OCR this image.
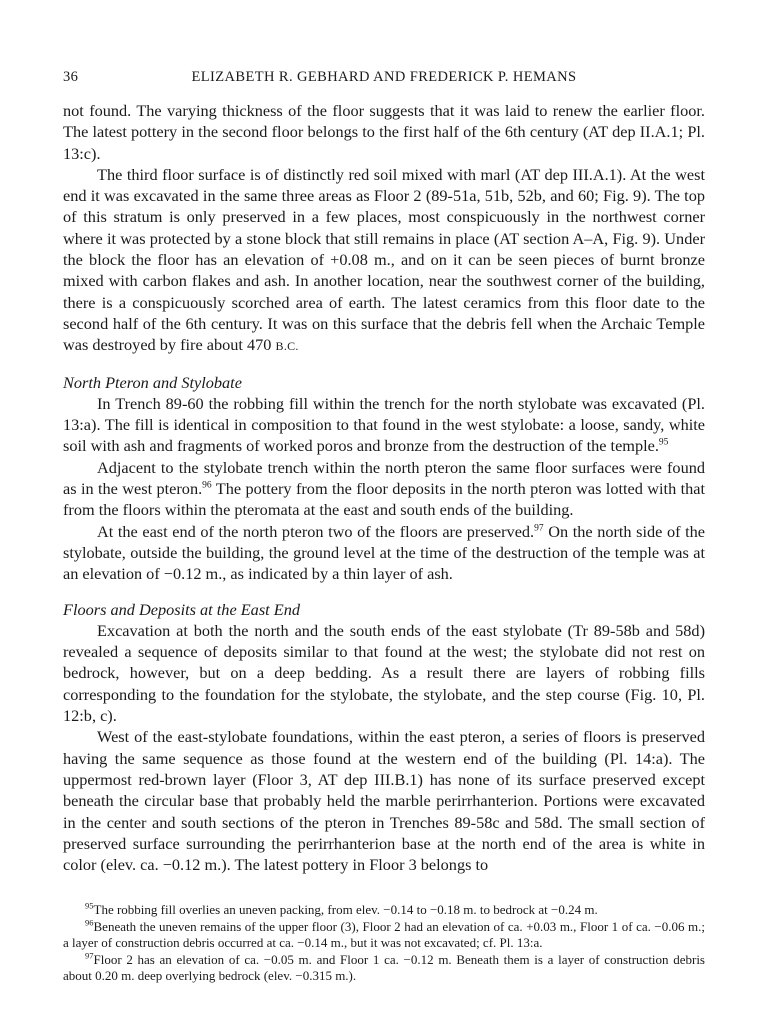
36	ELIZABETH R. GEBHARD AND FREDERICK P. HEMANS

not found. The varying thickness of the floor suggests that it was laid to renew the earlier floor. The latest pottery in the second floor belongs to the first half of the 6th century (AT dep II.A.1; Pl. 13:c).

The third floor surface is of distinctly red soil mixed with marl (AT dep III.A.1). At the west end it was excavated in the same three areas as Floor 2 (89-51a, 51b, 52b, and 60; Fig. 9). The top of this stratum is only preserved in a few places, most conspicuously in the northwest corner where it was protected by a stone block that still remains in place (AT section A–A, Fig. 9). Under the block the floor has an elevation of +0.08 m., and on it can be seen pieces of burnt bronze mixed with carbon flakes and ash. In another location, near the southwest corner of the building, there is a conspicuously scorched area of earth. The latest ceramics from this floor date to the second half of the 6th century. It was on this surface that the debris fell when the Archaic Temple was destroyed by fire about 470 B.C.

North Pteron and Stylobate

In Trench 89-60 the robbing fill within the trench for the north stylobate was excavated (Pl. 13:a). The fill is identical in composition to that found in the west stylobate: a loose, sandy, white soil with ash and fragments of worked poros and bronze from the destruction of the temple.$^{95}$

Adjacent to the stylobate trench within the north pteron the same floor surfaces were found as in the west pteron.$^{96}$ The pottery from the floor deposits in the north pteron was lotted with that from the floors within the pteromata at the east and south ends of the building.

At the east end of the north pteron two of the floors are preserved.$^{97}$ On the north side of the stylobate, outside the building, the ground level at the time of the destruction of the temple was at an elevation of −0.12 m., as indicated by a thin layer of ash.

Floors and Deposits at the East End

Excavation at both the north and the south ends of the east stylobate (Tr 89-58b and 58d) revealed a sequence of deposits similar to that found at the west; the stylobate did not rest on bedrock, however, but on a deep bedding. As a result there are layers of robbing fills corresponding to the foundation for the stylobate, the stylobate, and the step course (Fig. 10, Pl. 12:b, c).

West of the east-stylobate foundations, within the east pteron, a series of floors is preserved having the same sequence as those found at the western end of the building (Pl. 14:a). The uppermost red-brown layer (Floor 3, AT dep III.B.1) has none of its surface preserved except beneath the circular base that probably held the marble perirrhanterion. Portions were excavated in the center and south sections of the pteron in Trenches 89-58c and 58d. The small section of preserved surface surrounding the perirrhanterion base at the north end of the area is white in color (elev. ca. −0.12 m.). The latest pottery in Floor 3 belongs to

$^{95}$The robbing fill overlies an uneven packing, from elev. −0.14 to −0.18 m. to bedrock at −0.24 m.

$^{96}$Beneath the uneven remains of the upper floor (3), Floor 2 had an elevation of ca. +0.03 m., Floor 1 of ca. −0.06 m.; a layer of construction debris occurred at ca. −0.14 m., but it was not excavated; cf. Pl. 13:a.

$^{97}$Floor 2 has an elevation of ca. −0.05 m. and Floor 1 ca. −0.12 m. Beneath them is a layer of construction debris about 0.20 m. deep overlying bedrock (elev. −0.315 m.).
